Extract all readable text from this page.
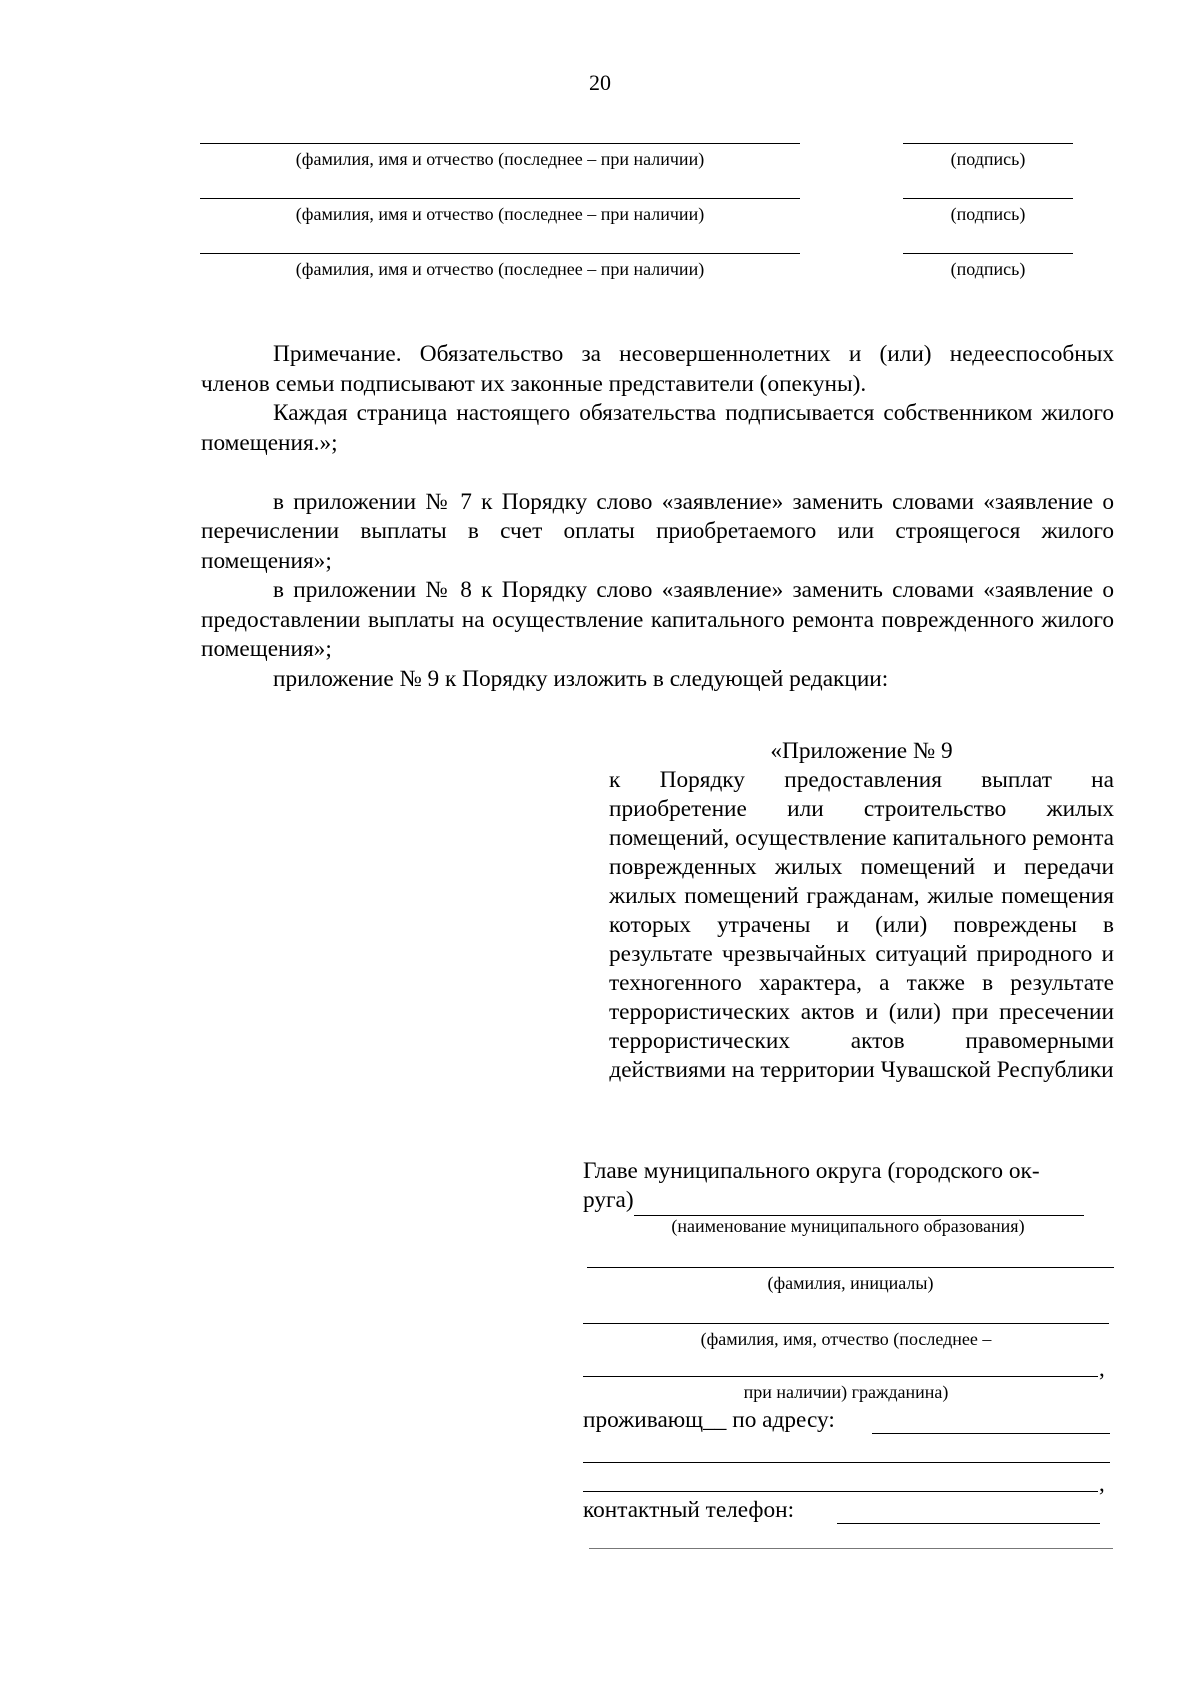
20
(фамилия, имя и отчество (последнее – при наличии)	(подпись)
(фамилия, имя и отчество (последнее – при наличии)	(подпись)
(фамилия, имя и отчество (последнее – при наличии)	(подпись)

Примечание. Обязательство за несовершеннолетних и (или) недееспособных членов семьи подписывают их законные представители (опекуны).

Каждая страница настоящего обязательства подписывается собственником жилого помещения.»;

в приложении № 7 к Порядку слово «заявление» заменить словами «заявление о перечислении выплаты в счет оплаты приобретаемого или строящегося жилого помещения»;

в приложении № 8 к Порядку слово «заявление» заменить словами «заявление о предоставлении выплаты на осуществление капитального ремонта поврежденного жилого помещения»;

приложение № 9 к Порядку изложить в следующей редакции:

«Приложение № 9
к Порядку предоставления выплат на приобретение или строительство жилых помещений, осуществление капитального ремонта поврежденных жилых помещений и передачи жилых помещений гражданам, жилые помещения которых утрачены и (или) повреждены в результате чрезвычайных ситуаций природного и техногенного характера, а также в результате террористических актов и (или) при пресечении террористических актов правомерными действиями на территории Чувашской Республики
Главе муниципального округа (городского ок-
руга)
(наименование муниципального образования)
(фамилия, инициалы)
(фамилия, имя, отчество (последнее –
,
при наличии) гражданина)
проживающ__ по адресу:
,
контактный телефон:
